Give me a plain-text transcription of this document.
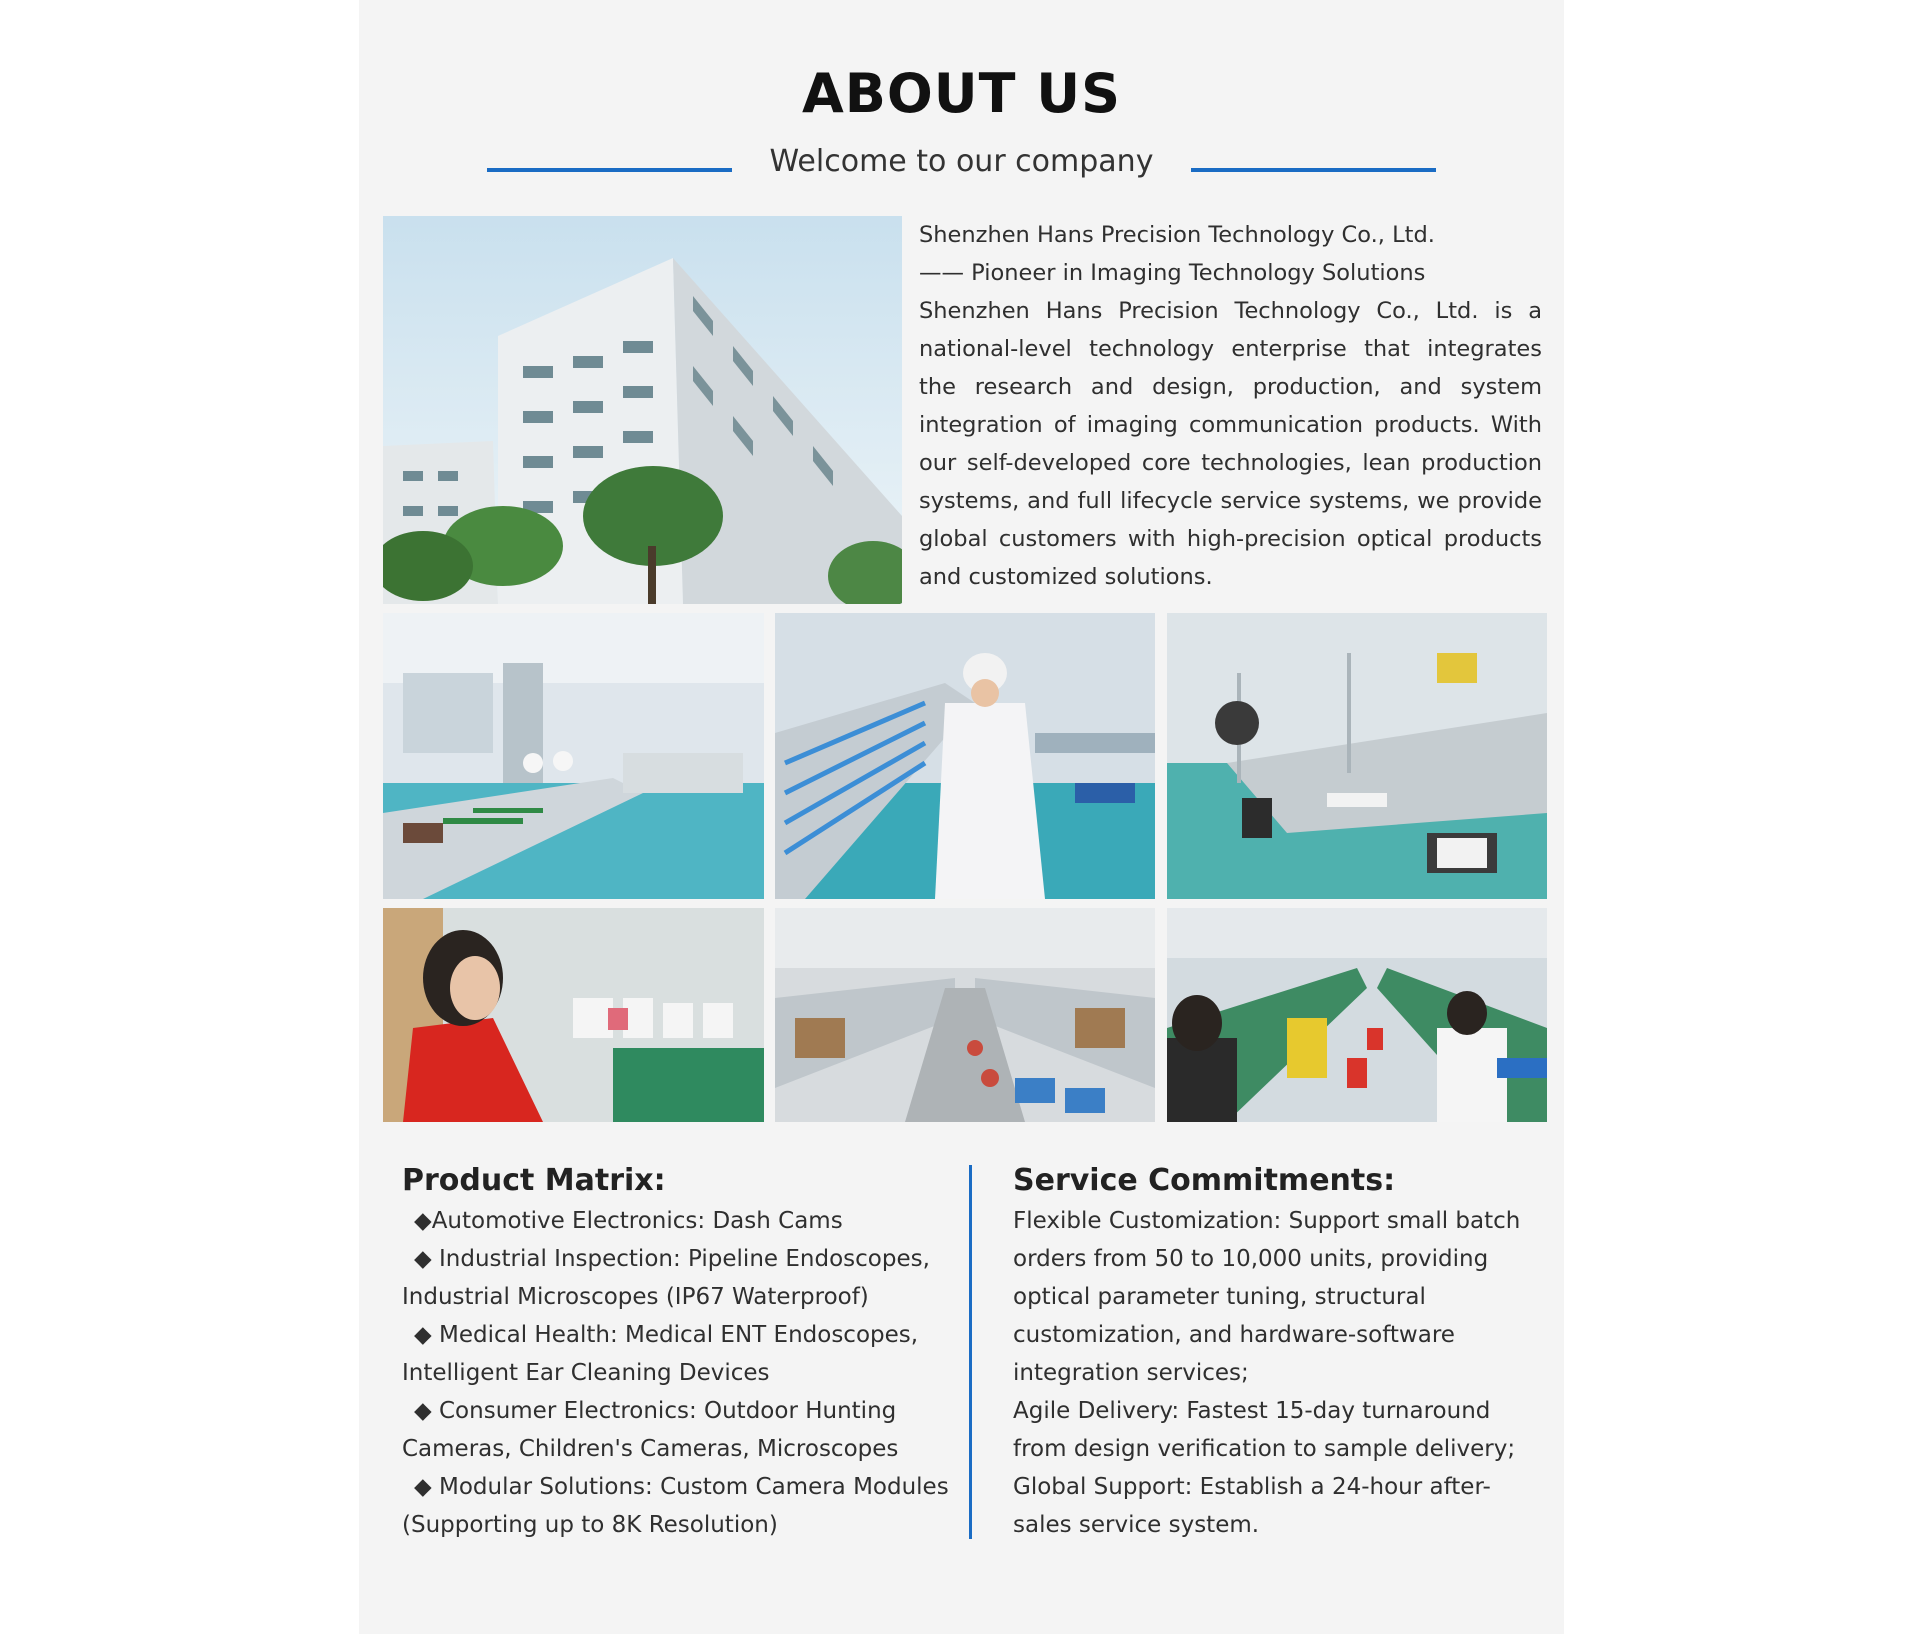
ABOUT US
Welcome to our company

Shenzhen Hans Precision Technology Co., Ltd.

—— Pioneer in Imaging Technology Solutions

Shenzhen Hans Precision Technology Co., Ltd. is a national-level technology enterprise that integrates the research and design, production, and system integration of imaging communication products. With our self-developed core technologies, lean production systems, and full lifecycle service systems, we provide global customers with high-precision optical products and customized solutions.

Product Matrix:

◆Automotive Electronics: Dash Cams

◆ Industrial Inspection: Pipeline Endoscopes, Industrial Microscopes (IP67 Waterproof)

◆ Medical Health: Medical ENT Endoscopes, Intelligent Ear Cleaning Devices

◆ Consumer Electronics: Outdoor Hunting Cameras, Children's Cameras, Microscopes

◆ Modular Solutions: Custom Camera Modules (Supporting up to 8K Resolution)

Service Commitments:

Flexible Customization: Support small batch orders from 50 to 10,000 units, providing optical parameter tuning, structural customization, and hardware-software integration services;

Agile Delivery: Fastest 15-day turnaround from design verification to sample delivery;

Global Support: Establish a 24-hour after-sales service system.
